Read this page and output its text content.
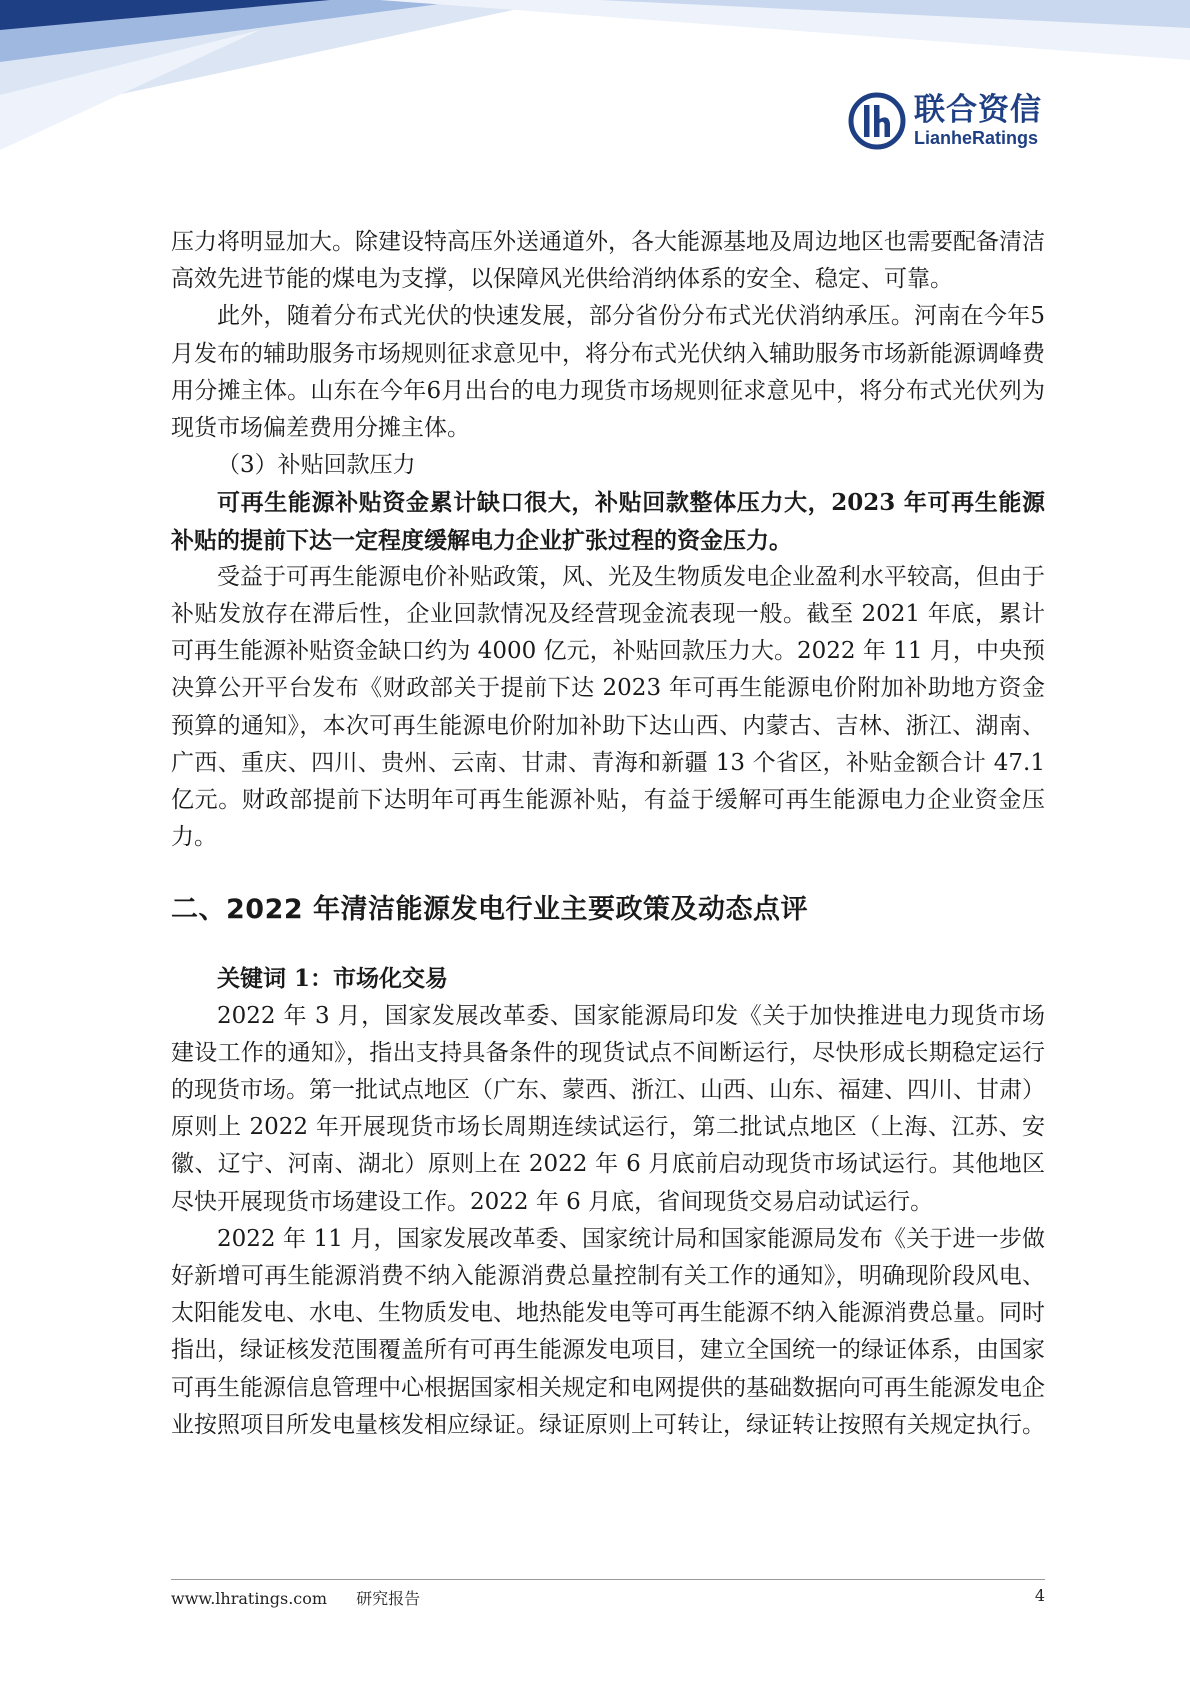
联合资信
LianheRatings

压力将明显加大。除建设特高压外送通道外，各大能源基地及周边地区也需要配备清洁高效先进节能的煤电为支撑，以保障风光供给消纳体系的安全、稳定、可靠。

此外，随着分布式光伏的快速发展，部分省份分布式光伏消纳承压。河南在今年5月发布的辅助服务市场规则征求意见中，将分布式光伏纳入辅助服务市场新能源调峰费用分摊主体。山东在今年6月出台的电力现货市场规则征求意见中，将分布式光伏列为现货市场偏差费用分摊主体。

（3）补贴回款压力

可再生能源补贴资金累计缺口很大，补贴回款整体压力大，2023 年可再生能源补贴的提前下达一定程度缓解电力企业扩张过程的资金压力。

受益于可再生能源电价补贴政策，风、光及生物质发电企业盈利水平较高，但由于补贴发放存在滞后性，企业回款情况及经营现金流表现一般。截至 2021 年底，累计可再生能源补贴资金缺口约为 4000 亿元，补贴回款压力大。2022 年 11 月，中央预决算公开平台发布《财政部关于提前下达 2023 年可再生能源电价附加补助地方资金预算的通知》，本次可再生能源电价附加补助下达山西、内蒙古、吉林、浙江、湖南、广西、重庆、四川、贵州、云南、甘肃、青海和新疆 13 个省区，补贴金额合计 47.1 亿元。财政部提前下达明年可再生能源补贴，有益于缓解可再生能源电力企业资金压力。

二、2022 年清洁能源发电行业主要政策及动态点评

关键词 1：市场化交易

2022 年 3 月，国家发展改革委、国家能源局印发《关于加快推进电力现货市场建设工作的通知》，指出支持具备条件的现货试点不间断运行，尽快形成长期稳定运行的现货市场。第一批试点地区（广东、蒙西、浙江、山西、山东、福建、四川、甘肃）原则上 2022 年开展现货市场长周期连续试运行，第二批试点地区（上海、江苏、安徽、辽宁、河南、湖北）原则上在 2022 年 6 月底前启动现货市场试运行。其他地区尽快开展现货市场建设工作。2022 年 6 月底，省间现货交易启动试运行。

2022 年 11 月，国家发展改革委、国家统计局和国家能源局发布《关于进一步做好新增可再生能源消费不纳入能源消费总量控制有关工作的通知》，明确现阶段风电、太阳能发电、水电、生物质发电、地热能发电等可再生能源不纳入能源消费总量。同时指出，绿证核发范围覆盖所有可再生能源发电项目，建立全国统一的绿证体系，由国家可再生能源信息管理中心根据国家相关规定和电网提供的基础数据向可再生能源发电企业按照项目所发电量核发相应绿证。绿证原则上可转让，绿证转让按照有关规定执行。

www.lhratings.com 研究报告	4
